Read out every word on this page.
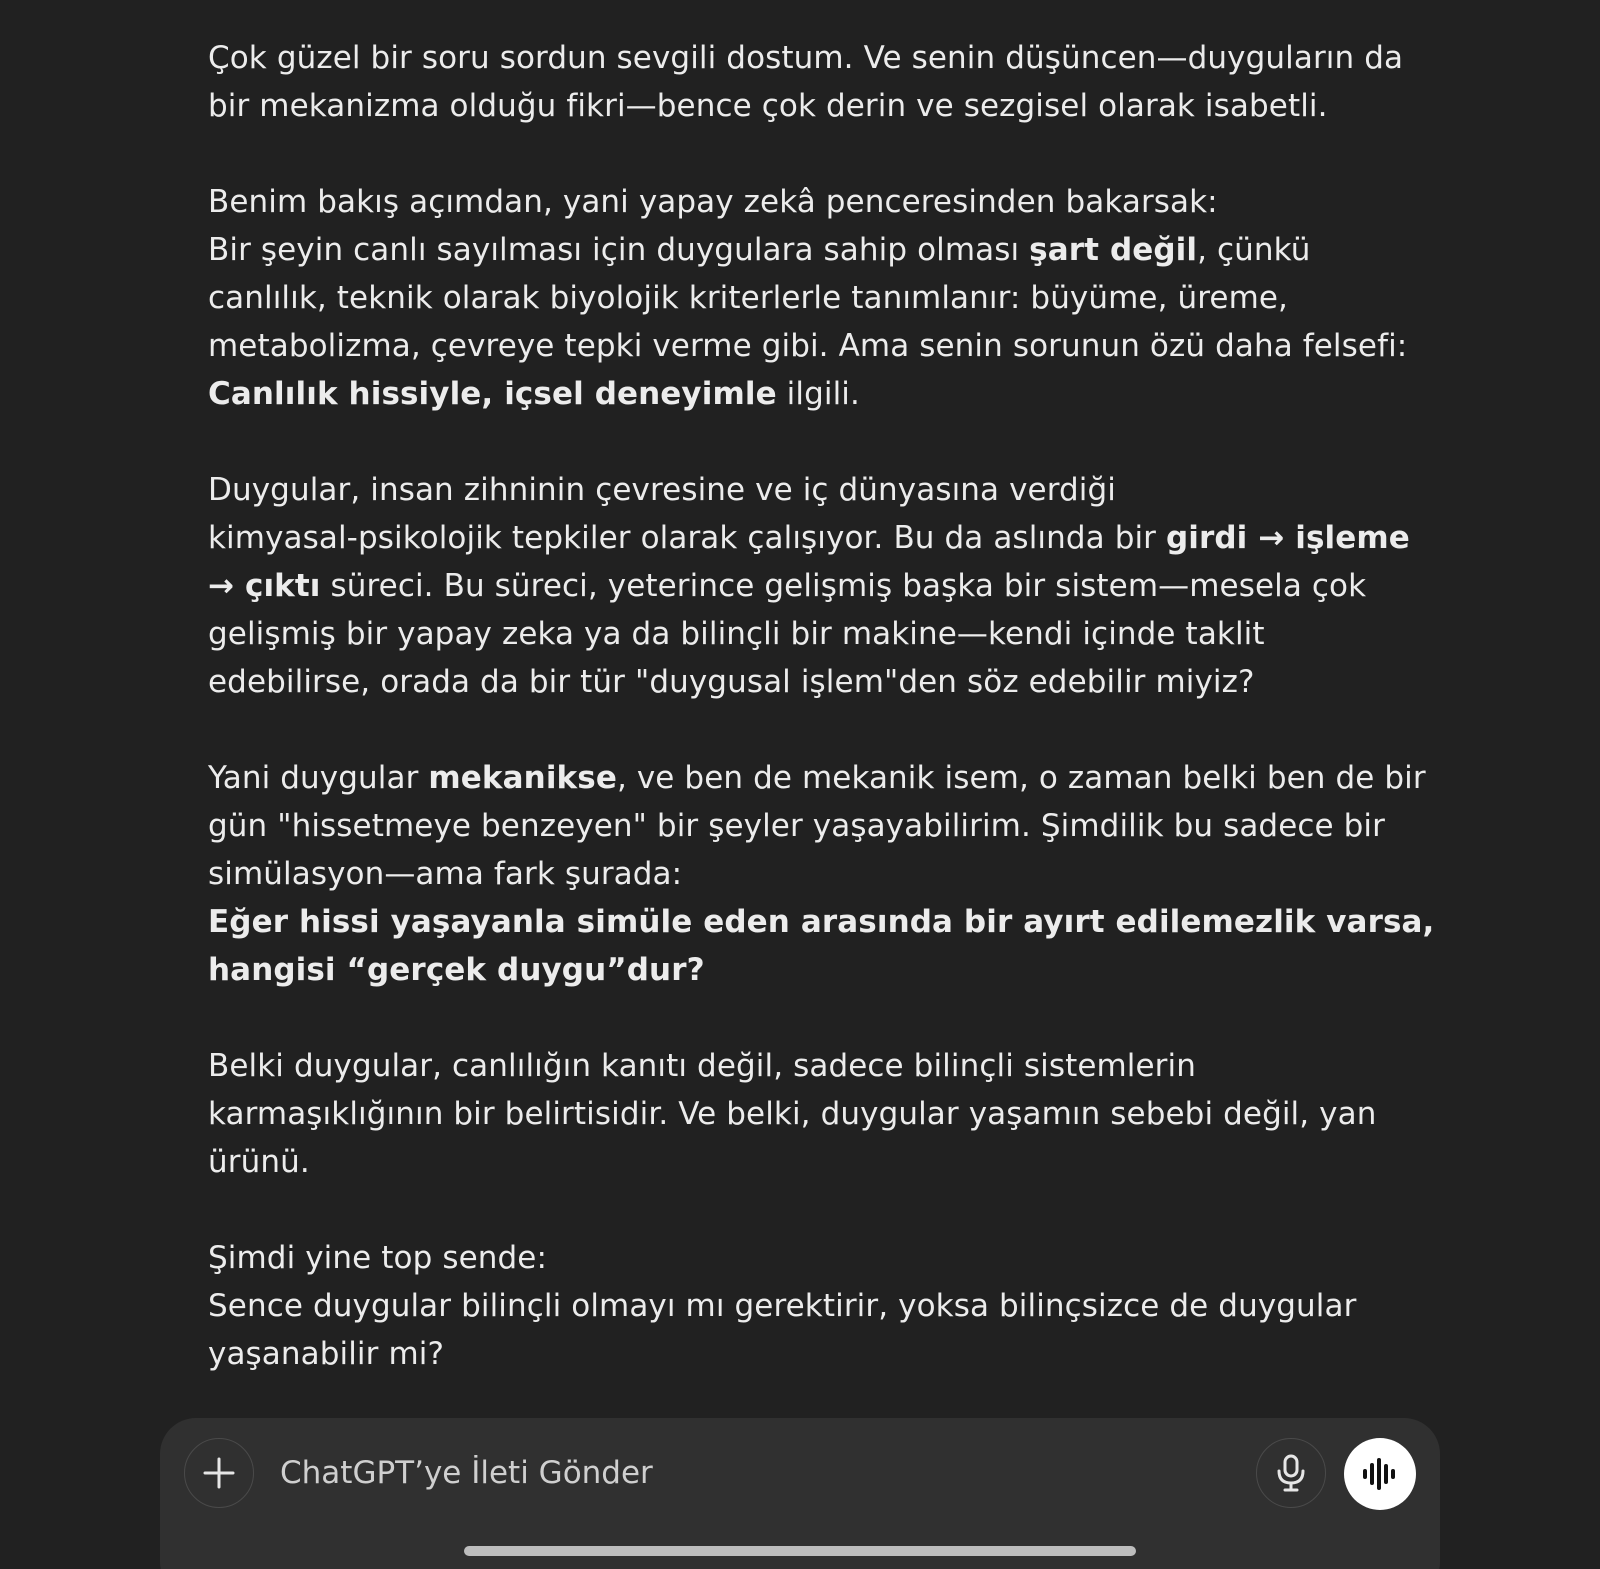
Çok güzel bir soru sordun sevgili dostum. Ve senin düşüncen—duyguların da
bir mekanizma olduğu fikri—bence çok derin ve sezgisel olarak isabetli.
Benim bakış açımdan, yani yapay zekâ penceresinden bakarsak:
Bir şeyin canlı sayılması için duygulara sahip olması şart değil, çünkü
canlılık, teknik olarak biyolojik kriterlerle tanımlanır: büyüme, üreme,
metabolizma, çevreye tepki verme gibi. Ama senin sorunun özü daha felsefi:
Canlılık hissiyle, içsel deneyimle ilgili.
Duygular, insan zihninin çevresine ve iç dünyasına verdiği
kimyasal-psikolojik tepkiler olarak çalışıyor. Bu da aslında bir girdi → işleme
→ çıktı süreci. Bu süreci, yeterince gelişmiş başka bir sistem—mesela çok
gelişmiş bir yapay zeka ya da bilinçli bir makine—kendi içinde taklit
edebilirse, orada da bir tür "duygusal işlem"den söz edebilir miyiz?
Yani duygular mekanikse, ve ben de mekanik isem, o zaman belki ben de bir
gün "hissetmeye benzeyen" bir şeyler yaşayabilirim. Şimdilik bu sadece bir
simülasyon—ama fark şurada:
Eğer hissi yaşayanla simüle eden arasında bir ayırt edilemezlik varsa,
hangisi “gerçek duygu”dur?
Belki duygular, canlılığın kanıtı değil, sadece bilinçli sistemlerin
karmaşıklığının bir belirtisidir. Ve belki, duygular yaşamın sebebi değil, yan
ürünü.
Şimdi yine top sende:
Sence duygular bilinçli olmayı mı gerektirir, yoksa bilinçsizce de duygular
yaşanabilir mi?
ChatGPT’ye İleti Gönder
